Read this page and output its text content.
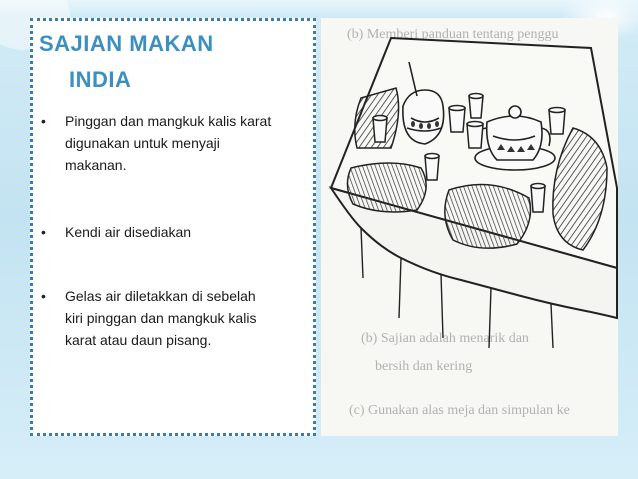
SAJIAN MAKAN
INDIA
• Pinggan dan mangkuk kalis karat
digunakan untuk menyaji
makanan.
• Kendi air disediakan
• Gelas air diletakkan di sebelah
kiri pinggan dan mangkuk kalis
karat atau daun pisang.
(b) Memberi panduan tentang penggu
(b) Sajian adalah menarik dan
bersih dan kering
(c) Gunakan alas meja dan simpulan ke
